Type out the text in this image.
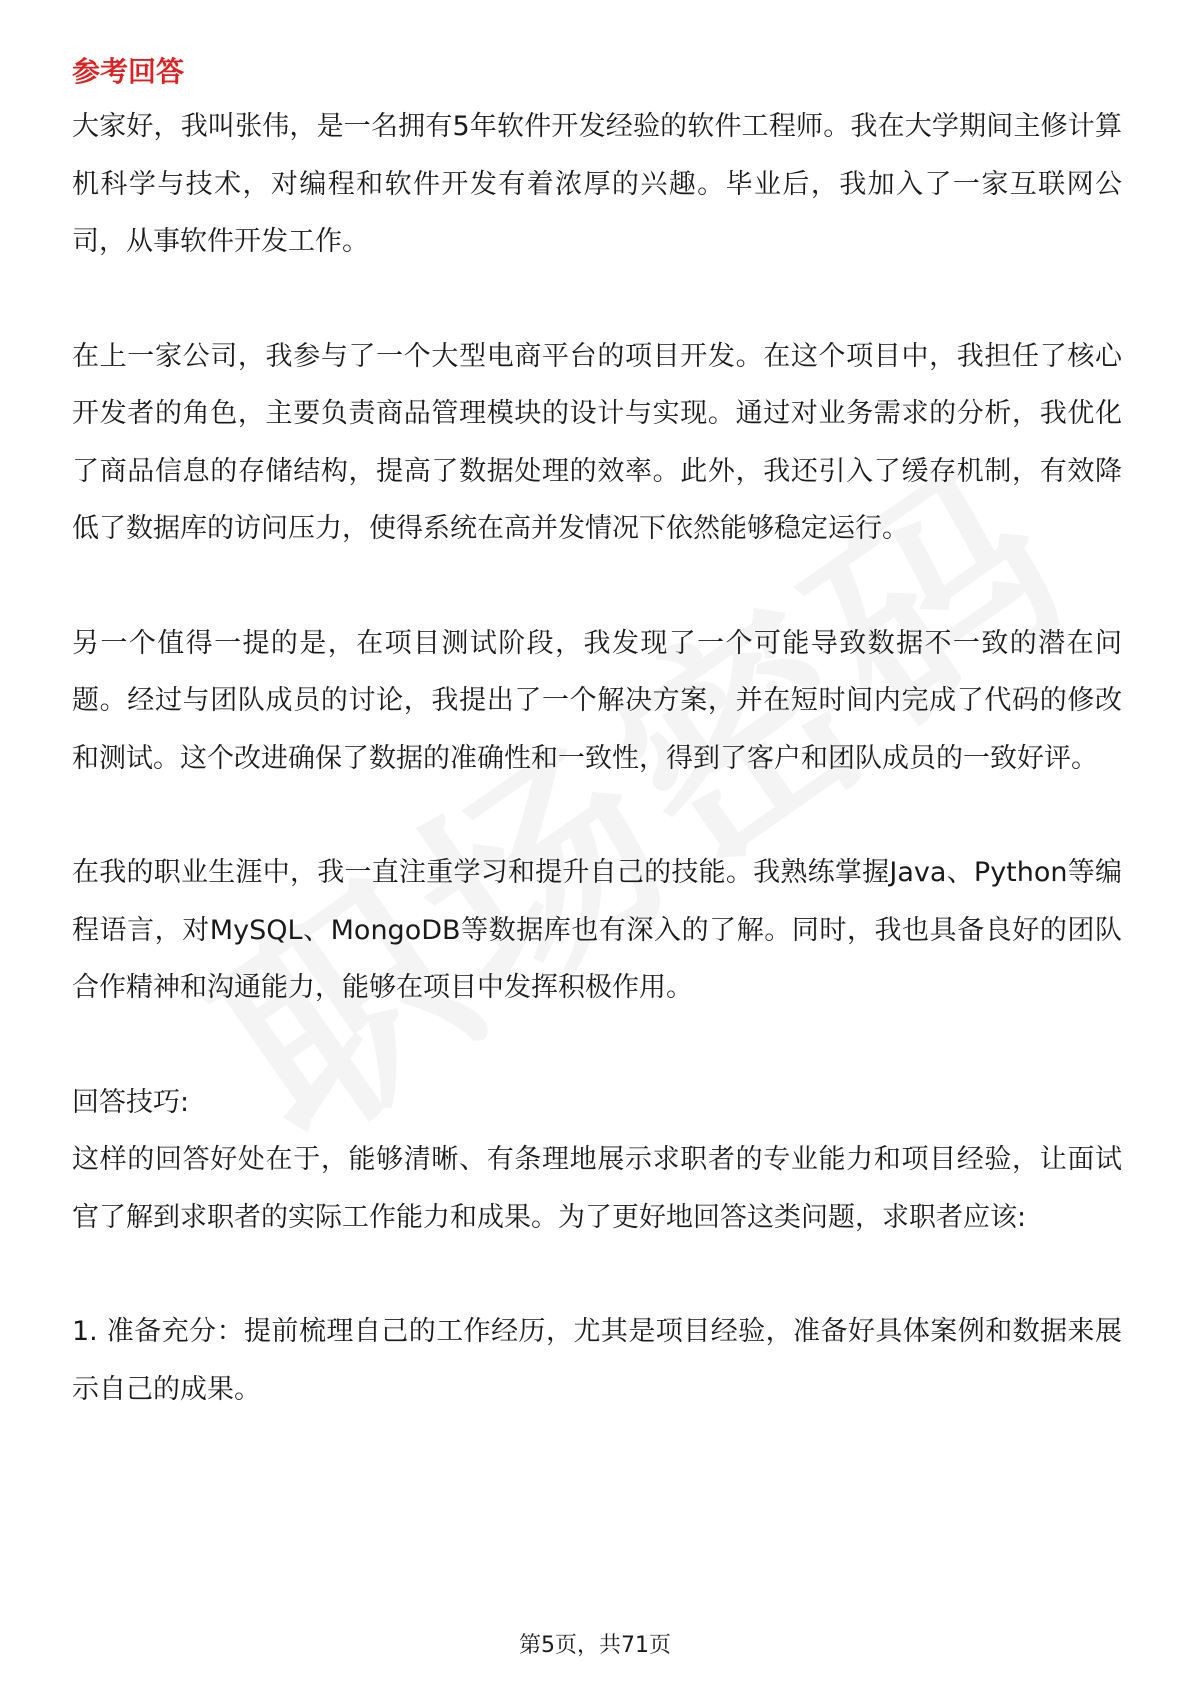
参考回答

大家好，我叫张伟，是一名拥有5年软件开发经验的软件工程师。我在大学期间主修计算机科学与技术，对编程和软件开发有着浓厚的兴趣。毕业后，我加入了一家互联网公司，从事软件开发工作。

在上一家公司，我参与了一个大型电商平台的项目开发。在这个项目中，我担任了核心开发者的角色，主要负责商品管理模块的设计与实现。通过对业务需求的分析，我优化了商品信息的存储结构，提高了数据处理的效率。此外，我还引入了缓存机制，有效降低了数据库的访问压力，使得系统在高并发情况下依然能够稳定运行。

另一个值得一提的是，在项目测试阶段，我发现了一个可能导致数据不一致的潜在问题。经过与团队成员的讨论，我提出了一个解决方案，并在短时间内完成了代码的修改和测试。这个改进确保了数据的准确性和一致性，得到了客户和团队成员的一致好评。

在我的职业生涯中，我一直注重学习和提升自己的技能。我熟练掌握Java、Python等编程语言，对MySQL、MongoDB等数据库也有深入的了解。同时，我也具备良好的团队合作精神和沟通能力，能够在项目中发挥积极作用。

回答技巧:

这样的回答好处在于，能够清晰、有条理地展示求职者的专业能力和项目经验，让面试官了解到求职者的实际工作能力和成果。为了更好地回答这类问题，求职者应该:

1. 准备充分：提前梳理自己的工作经历，尤其是项目经验，准备好具体案例和数据来展示自己的成果。

第5页，共71页
